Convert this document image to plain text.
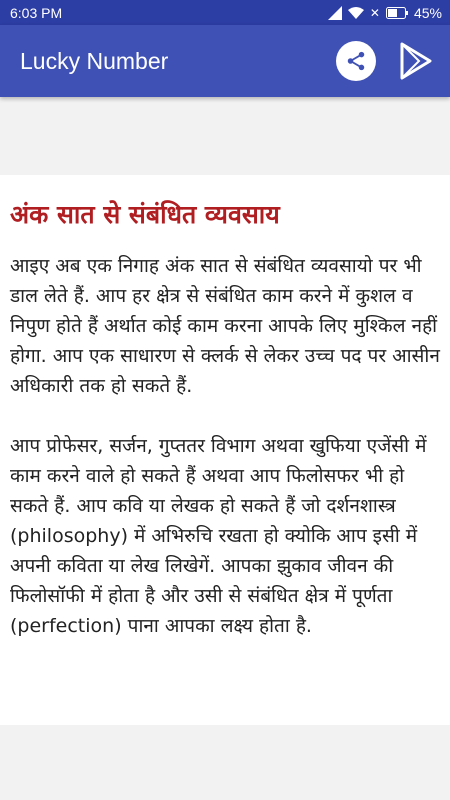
6:03 PM	✕ 45%
Lucky Number
अंक सात से संबंधित व्यवसाय

आइए अब एक निगाह अंक सात से संबंधित व्यवसायो पर भी डाल लेते हैं. आप हर क्षेत्र से संबंधित काम करने में कुशल व निपुण होते हैं अर्थात कोई काम करना आपके लिए मुश्किल नहीं होगा. आप एक साधारण से क्लर्क से लेकर उच्च पद पर आसीन अधिकारी तक हो सकते हैं.

आप प्रोफेसर, सर्जन, गुप्ततर विभाग अथवा खुफिया एजेंसी में काम करने वाले हो सकते हैं अथवा आप फिलोसफर भी हो सकते हैं. आप कवि या लेखक हो सकते हैं जो दर्शनशास्त्र (philosophy) में अभिरुचि रखता हो क्योकि आप इसी में अपनी कविता या लेख लिखेगें. आपका झुकाव जीवन की फिलोसॉफी में होता है और उसी से संबंधित क्षेत्र में पूर्णता (perfection) पाना आपका लक्ष्य होता है.
